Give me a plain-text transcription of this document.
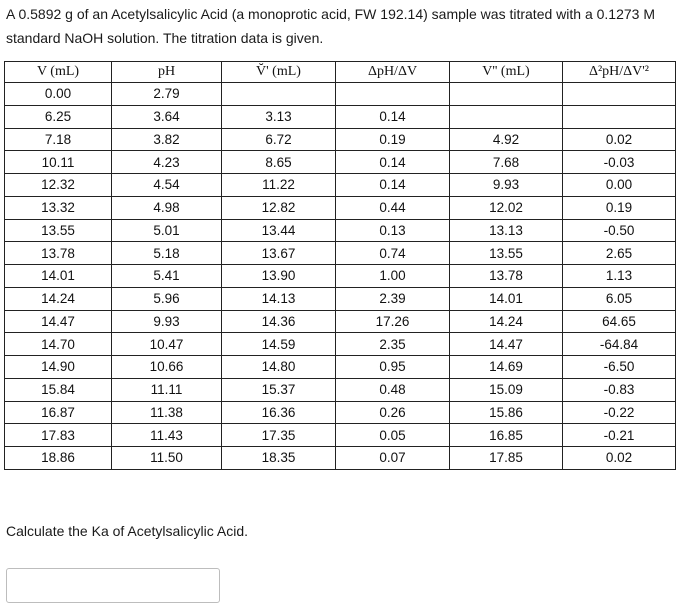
A 0.5892 g of an Acetylsalicylic Acid (a monoprotic acid, FW 192.14) sample was titrated with a 0.1273 M standard NaOH solution. The titration data is given.
V (mL)	pH	V̆' (mL)	ΔpH/ΔV	V'' (mL)	Δ²pH/ΔV'²
0.00	2.79				
6.25	3.64	3.13	0.14		
7.18	3.82	6.72	0.19	4.92	0.02
10.11	4.23	8.65	0.14	7.68	-0.03
12.32	4.54	11.22	0.14	9.93	0.00
13.32	4.98	12.82	0.44	12.02	0.19
13.55	5.01	13.44	0.13	13.13	-0.50
13.78	5.18	13.67	0.74	13.55	2.65
14.01	5.41	13.90	1.00	13.78	1.13
14.24	5.96	14.13	2.39	14.01	6.05
14.47	9.93	14.36	17.26	14.24	64.65
14.70	10.47	14.59	2.35	14.47	-64.84
14.90	10.66	14.80	0.95	14.69	-6.50
15.84	11.11	15.37	0.48	15.09	-0.83
16.87	11.38	16.36	0.26	15.86	-0.22
17.83	11.43	17.35	0.05	16.85	-0.21
18.86	11.50	18.35	0.07	17.85	0.02
Calculate the Ka of Acetylsalicylic Acid.
